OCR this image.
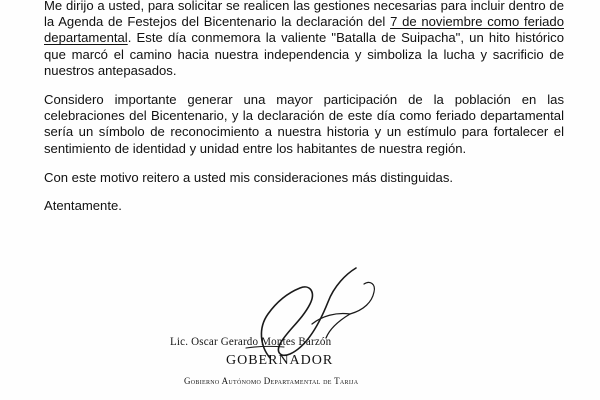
Me dirijo a usted, para solicitar se realicen las gestiones necesarias para incluir dentro de la Agenda de Festejos del Bicentenario la declaración del 7 de noviembre como feriado departamental. Este día conmemora la valiente "Batalla de Suipacha", un hito histórico que marcó el camino hacia nuestra independencia y simboliza la lucha y sacrificio de nuestros antepasados.

Considero importante generar una mayor participación de la población en las celebraciones del Bicentenario, y la declaración de este día como feriado departamental sería un símbolo de reconocimiento a nuestra historia y un estímulo para fortalecer el sentimiento de identidad y unidad entre los habitantes de nuestra región.

Con este motivo reitero a usted mis consideraciones más distinguidas.

Atentamente.

Lic. Oscar Gerardo Montes Barzón
GOBERNADOR
Gobierno Autónomo Departamental de Tarija
